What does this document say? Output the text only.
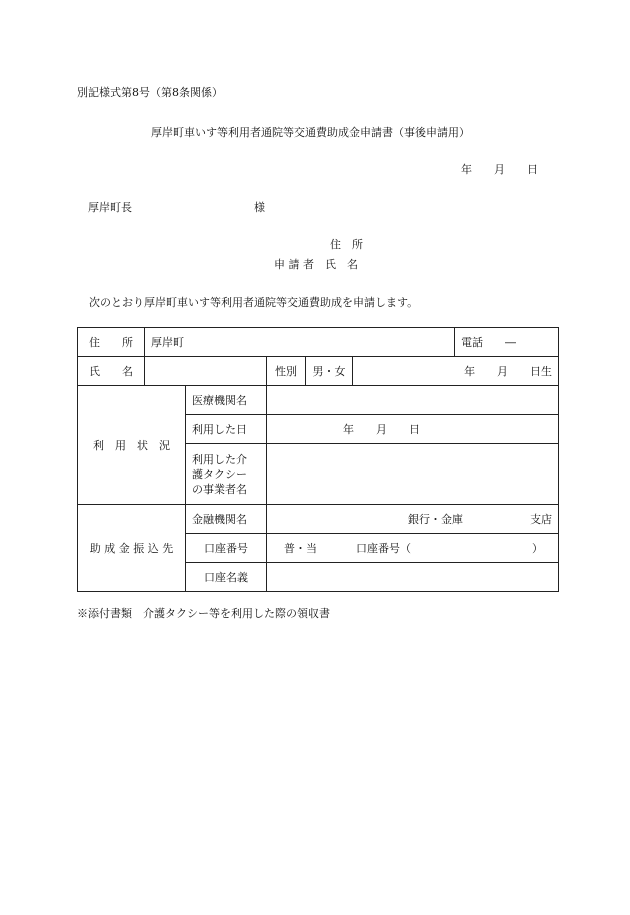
別記様式第8号（第8条関係）
厚岸町車いす等利用者通院等交通費助成金申請書（事後申請用）
年　　月　　日
厚岸町長	様
住　所
申 請 者　氏　名
次のとおり厚岸町車いす等利用者通院等交通費助成を申請します。
住　　所	厚岸町					電話　　―
氏　　名			性別	男・女	年　　月　　日生	
利　用　状　況		医療機関名				
		利用した日	年　　月　　日			

		利用した介
護タクシー
の事業者名				

助 成 金 振 込 先		金融機関名	銀行・金庫 支店			

		口座番号	普・当 口座番号（　　　　　　　　　　　）			

		口座名義				
※添付書類　介護タクシー等を利用した際の領収書
